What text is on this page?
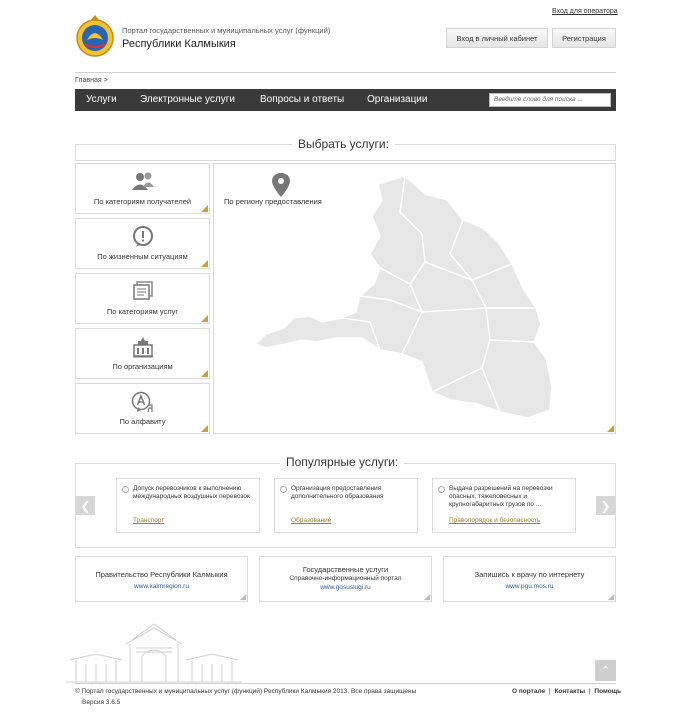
Вход для оператора
Портал государственных и муниципальных услуг (функций)
Республики Калмыкия	Вход в личный кабинет	Регистрация
Главная >
Услуги Электронные услуги	Вопросы и ответы Организации	Введите слово для поиска ...
Выбрать услуги:
По категориям получателей
По жизненным ситуациям
По категориям услуг
По организациям
По алфавиту
По региону предоставления
Популярные услуги:
❮	❯
Допуск перевозчиков к выполнению международных воздушных перевозок
Транспорт
Организация предоставления дополнительного образования
Образование
Выдача разрешений на перевозки опасных, тяжеловесных и крупногабаритных грузов по ...
Правопорядок и безопасность
Правительство Республики Калмыкия
www.kalmregion.ru
Государственные услуги
Справочно-информационный портал
www.gosuslugi.ru
Запишись к врачу по интернету
www.pgu.mos.ru
⌃
© Портал государственных и муниципальных услуг (функций) Республики Калмыкия 2013. Все права защищены
Версия 3.6.5
О портале | Контакты | Помощь
